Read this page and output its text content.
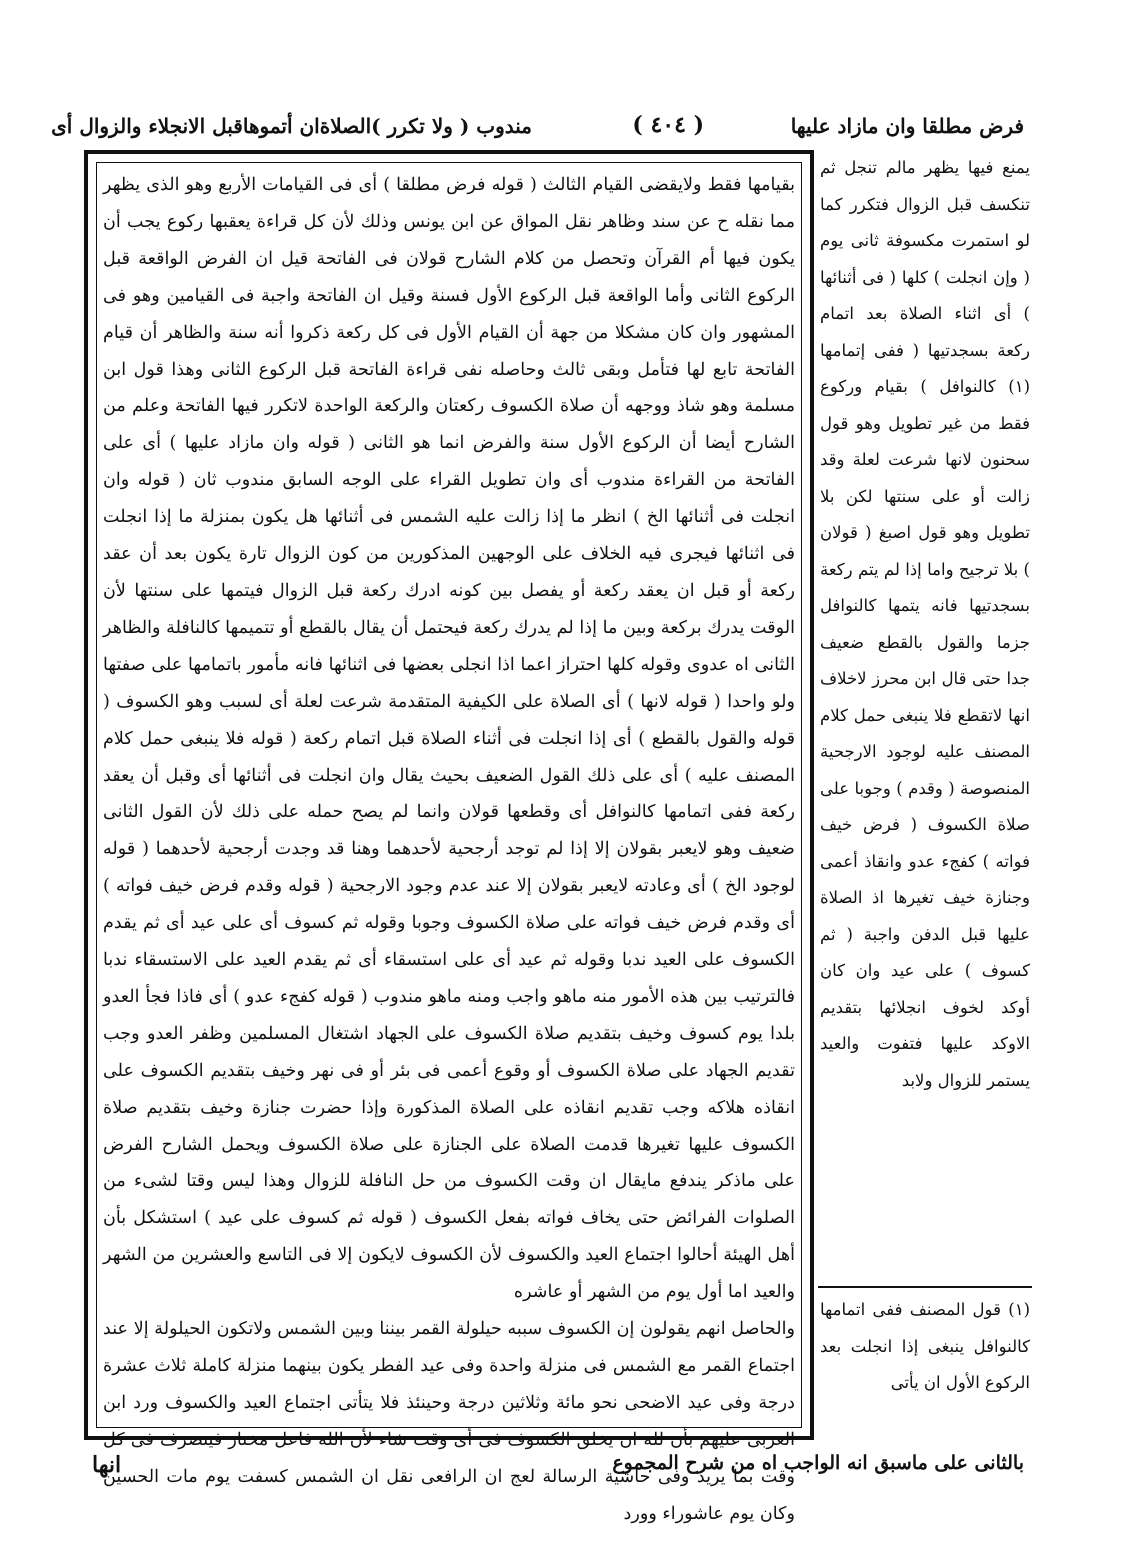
فرض مطلقا وان مازاد عليها
( ٤٠٤ )
مندوب ( ولا تكرر )الصلاةان أتموهاقبل الانجلاء والزوال أى

بقيامها فقط ولايقضى القيام الثالث ( قوله فرض مطلقا ) أى فى القيامات الأربع وهو الذى يظهر مما نقله ح عن سند وظاهر نقل المواق عن ابن يونس وذلك لأن كل قراءة يعقبها ركوع يجب أن يكون فيها أم القرآن وتحصل من كلام الشارح قولان فى الفاتحة قيل ان الفرض الواقعة قبل الركوع الثانى وأما الواقعة قبل الركوع الأول فسنة وقيل ان الفاتحة واجبة فى القيامين وهو فى المشهور وان كان مشكلا من جهة أن القيام الأول فى كل ركعة ذكروا أنه سنة والظاهر أن قيام الفاتحة تابع لها فتأمل وبقى ثالث وحاصله نفى قراءة الفاتحة قبل الركوع الثانى وهذا قول ابن مسلمة وهو شاذ ووجهه أن صلاة الكسوف ركعتان والركعة الواحدة لاتكرر فيها الفاتحة وعلم من الشارح أيضا أن الركوع الأول سنة والفرض انما هو الثانى ( قوله وان مازاد عليها ) أى على الفاتحة من القراءة مندوب أى وان تطويل القراء على الوجه السابق مندوب ثان ( قوله وان انجلت فى أثنائها الخ ) انظر ما إذا زالت عليه الشمس فى أثنائها هل يكون بمنزلة ما إذا انجلت فى اثنائها فيجرى فيه الخلاف على الوجهين المذكورين من كون الزوال تارة يكون بعد أن عقد ركعة أو قبل ان يعقد ركعة أو يفصل بين كونه ادرك ركعة قبل الزوال فيتمها على سنتها لأن الوقت يدرك بركعة وبين ما إذا لم يدرك ركعة فيحتمل أن يقال بالقطع أو تتميمها كالنافلة والظاهر الثانى اه عدوى وقوله كلها احتراز اعما اذا انجلى بعضها فى اثنائها فانه مأمور باتمامها على صفتها ولو واحدا ( قوله لانها ) أى الصلاة على الكيفية المتقدمة شرعت لعلة أى لسبب وهو الكسوف ( قوله والقول بالقطع ) أى إذا انجلت فى أثناء الصلاة قبل اتمام ركعة ( قوله فلا ينبغى حمل كلام المصنف عليه ) أى على ذلك القول الضعيف بحيث يقال وان انجلت فى أثنائها أى وقبل أن يعقد ركعة ففى اتمامها كالنوافل أى وقطعها قولان وانما لم يصح حمله على ذلك لأن القول الثانى ضعيف وهو لايعبر بقولان إلا إذا لم توجد أرجحية لأحدهما وهنا قد وجدت أرجحية لأحدهما ( قوله لوجود الخ ) أى وعادته لايعبر بقولان إلا عند عدم وجود الارجحية ( قوله وقدم فرض خيف فواته ) أى وقدم فرض خيف فواته على صلاة الكسوف وجوبا وقوله ثم كسوف أى على عيد أى ثم يقدم الكسوف على العيد ندبا وقوله ثم عيد أى على استسقاء أى ثم يقدم العيد على الاستسقاء ندبا فالترتيب بين هذه الأمور منه ماهو واجب ومنه ماهو مندوب ( قوله كفجء عدو ) أى فاذا فجأ العدو بلدا يوم كسوف وخيف بتقديم صلاة الكسوف على الجهاد اشتغال المسلمين وظفر العدو وجب تقديم الجهاد على صلاة الكسوف أو وقوع أعمى فى بئر أو فى نهر وخيف بتقديم الكسوف على انقاذه هلاكه وجب تقديم انقاذه على الصلاة المذكورة وإذا حضرت جنازة وخيف بتقديم صلاة الكسوف عليها تغيرها قدمت الصلاة على الجنازة على صلاة الكسوف ويحمل الشارح الفرض على ماذكر يندفع مايقال ان وقت الكسوف من حل النافلة للزوال وهذا ليس وقتا لشىء من الصلوات الفرائض حتى يخاف فواته بفعل الكسوف ( قوله ثم كسوف على عيد ) استشكل بأن أهل الهيئة أحالوا اجتماع العيد والكسوف لأن الكسوف لايكون إلا فى التاسع والعشرين من الشهر والعيد اما أول يوم من الشهر أو عاشره

والحاصل انهم يقولون إن الكسوف سببه حيلولة القمر بيننا وبين الشمس ولاتكون الحيلولة إلا عند اجتماع القمر مع الشمس فى منزلة واحدة وفى عيد الفطر يكون بينهما منزلة كاملة ثلاث عشرة درجة وفى عيد الاضحى نحو مائة وثلاثين درجة وحينئذ فلا يتأتى اجتماع العيد والكسوف ورد ابن العربى عليهم بأن لله ان يخلق الكسوف فى أى وقت شاء لأن الله فاعل مختار فيتصرف فى كل وقت بما يريد وفى حاشية الرسالة لعج ان الرافعى نقل ان الشمس كسفت يوم مات الحسين وكان يوم عاشوراء وورد

يمنع فيها يظهر مالم تنجل ثم تنكسف قبل الزوال فتكرر كما لو استمرت مكسوفة ثانى يوم ( وإن انجلت ) كلها ( فى أثنائها ) أى اثناء الصلاة بعد اتمام ركعة بسجدتيها ( ففى إتمامها (١) كالنوافل ) بقيام وركوع فقط من غير تطويل وهو قول سحنون لانها شرعت لعلة وقد زالت أو على سنتها لكن بلا تطويل وهو قول اصبغ ( قولان ) بلا ترجيح واما إذا لم يتم ركعة بسجدتيها فانه يتمها كالنوافل جزما والقول بالقطع ضعيف جدا حتى قال ابن محرز لاخلاف انها لاتقطع فلا ينبغى حمل كلام المصنف عليه لوجود الارجحية المنصوصة ( وقدم ) وجوبا على صلاة الكسوف ( فرض خيف فواته ) كفجء عدو وانقاذ أعمى وجنازة خيف تغيرها اذ الصلاة عليها قبل الدفن واجبة ( ثم كسوف ) على عيد وان كان أوكد لخوف انجلائها بتقديم الاوكد عليها فتفوت والعيد يستمر للزوال ولابد
(١) قول المصنف ففى اتمامها كالنوافل ينبغى إذا انجلت بعد الركوع الأول ان يأتى
بالثانى على ماسبق انه الواجب اه من شرح المجموع
انها
